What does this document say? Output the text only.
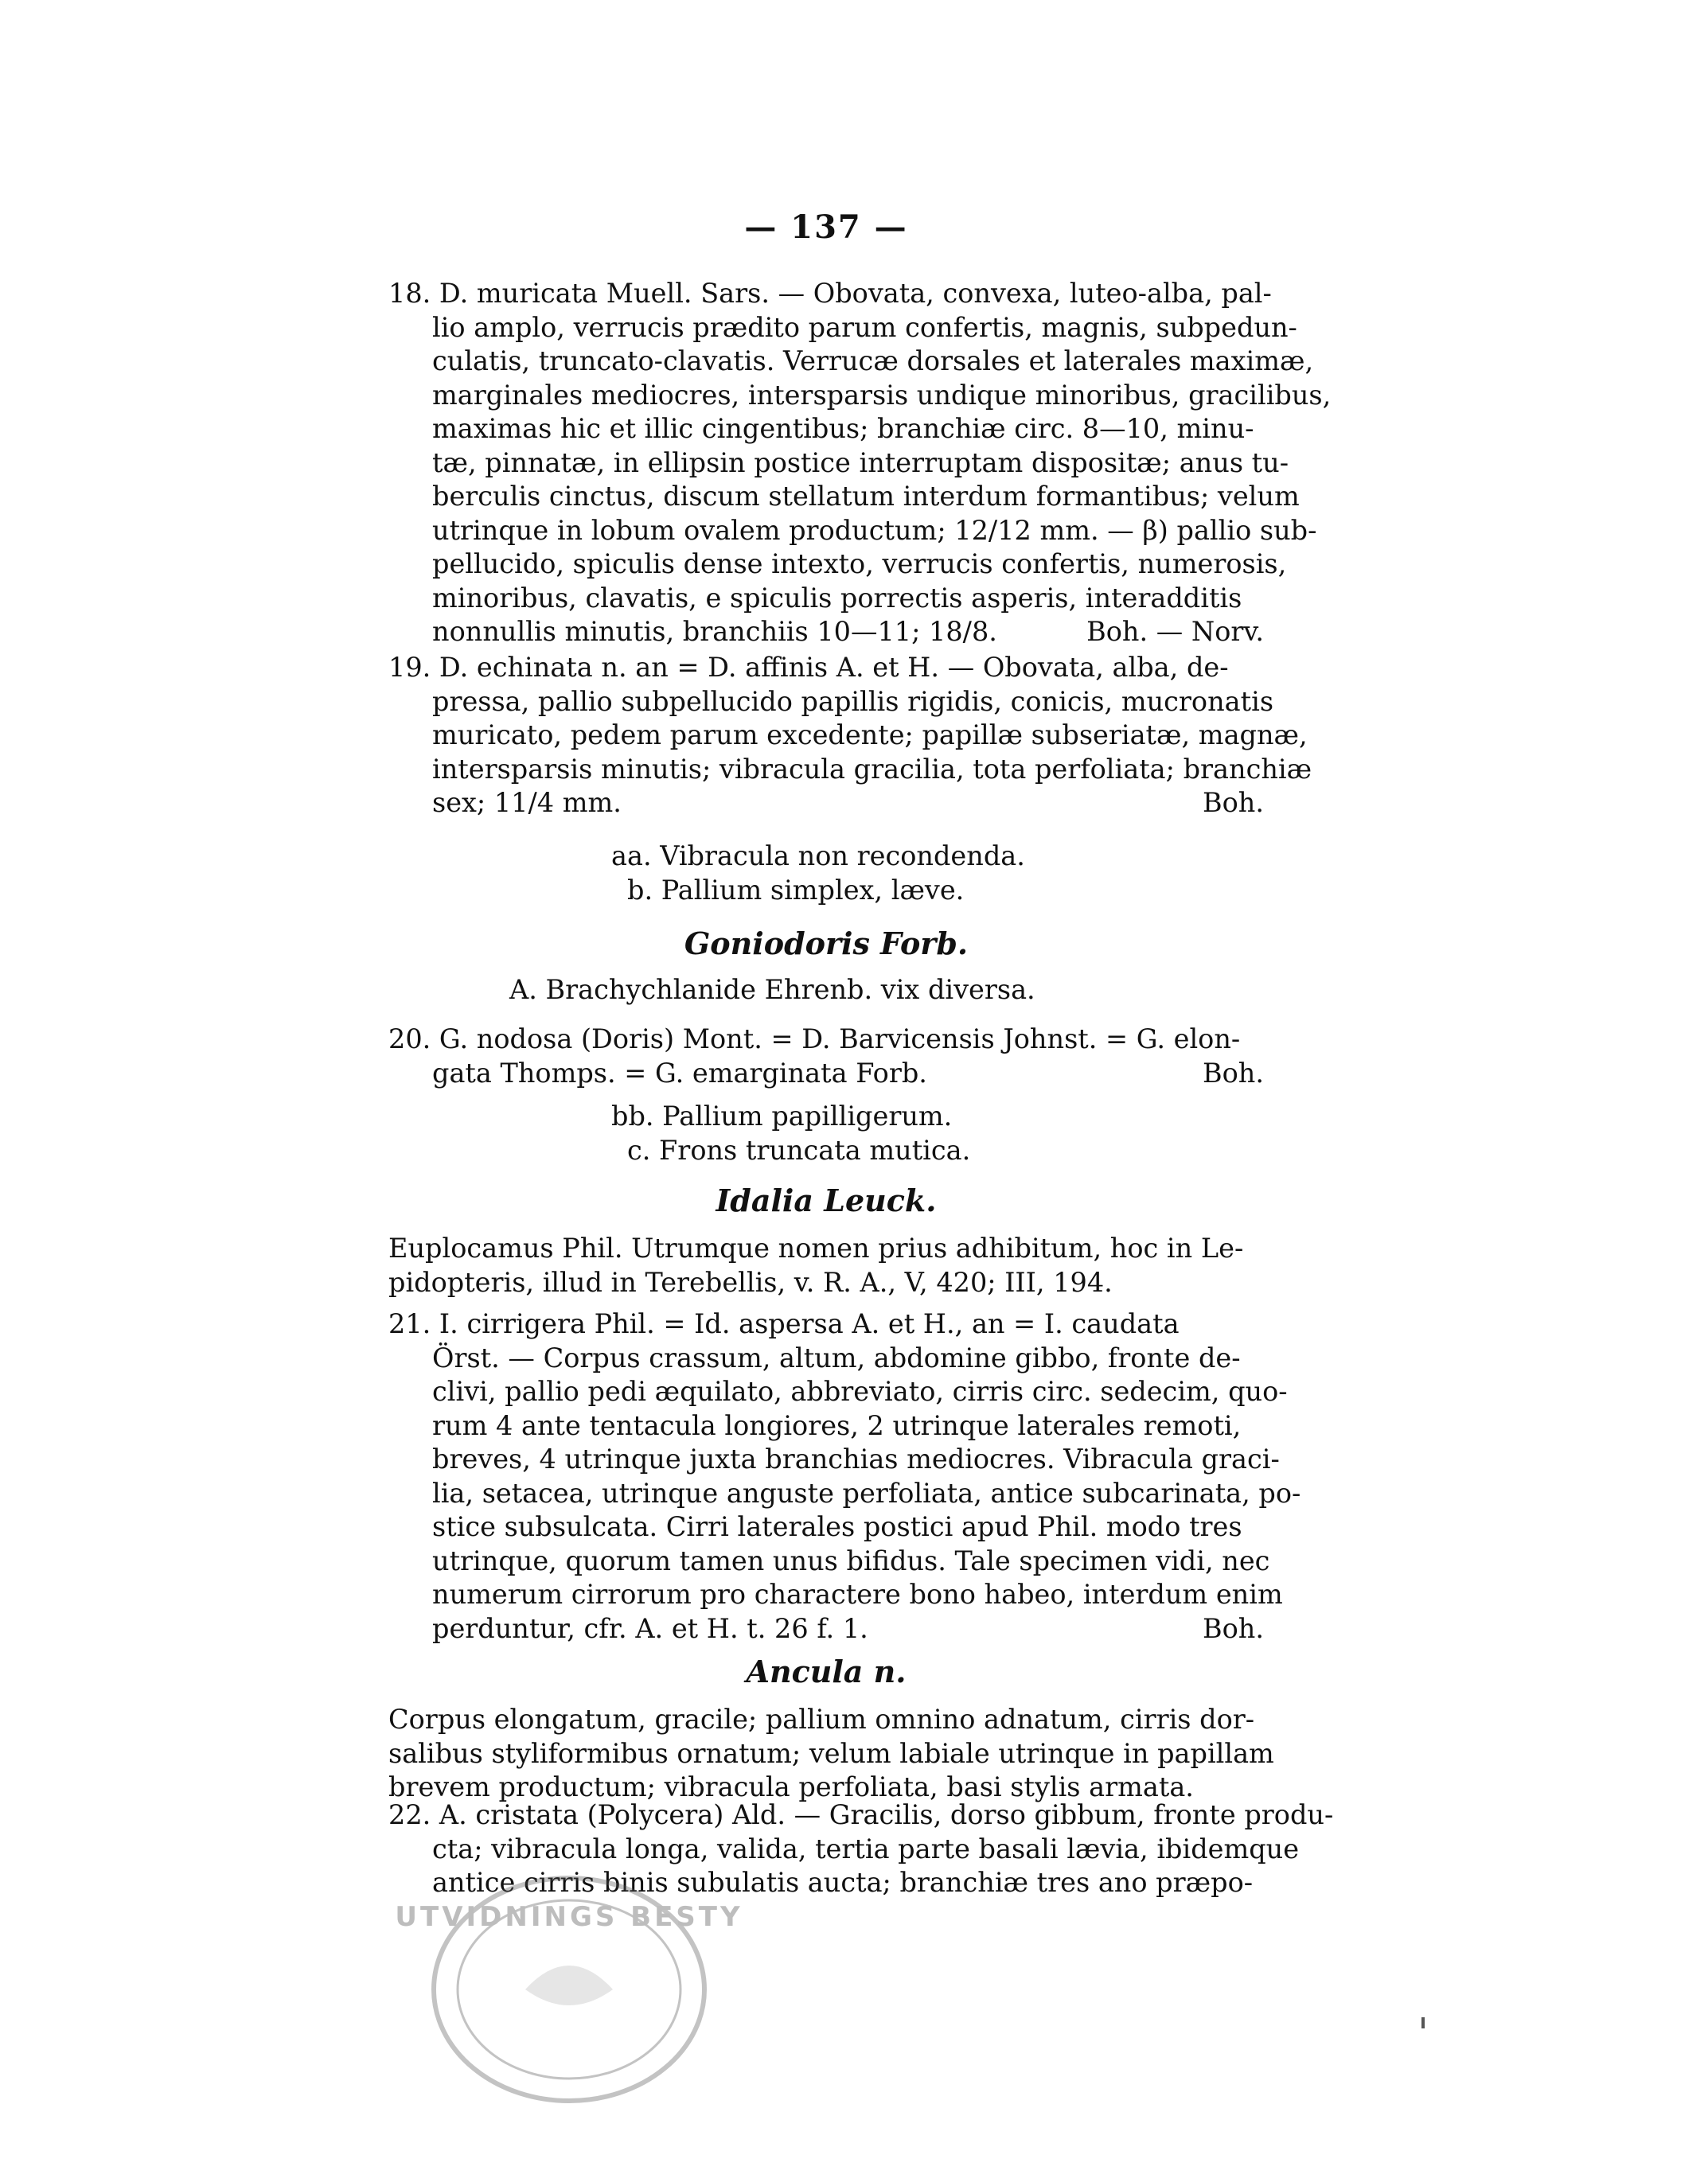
— 137 —
18. D. muricata Muell. Sars. — Obovata, convexa, luteo-alba, pal-
lio amplo, verrucis prædito parum confertis, magnis, subpedun-
culatis, truncato-clavatis. Verrucæ dorsales et laterales maximæ,
marginales mediocres, intersparsis undique minoribus, gracilibus,
maximas hic et illic cingentibus; branchiæ circ. 8—10, minu-
tæ, pinnatæ, in ellipsin postice interruptam dispositæ; anus tu-
berculis cinctus, discum stellatum interdum formantibus; velum
utrinque in lobum ovalem productum; 12/12 mm. — β) pallio sub-
pellucido, spiculis dense intexto, verrucis confertis, numerosis,
minoribus, clavatis, e spiculis porrectis asperis, interadditis
nonnullis minutis, branchiis 10—11; 18/8.	Boh. — Norv.
19. D. echinata n. an = D. affinis A. et H. — Obovata, alba, de-
pressa, pallio subpellucido papillis rigidis, conicis, mucronatis
muricato, pedem parum excedente; papillæ subseriatæ, magnæ,
intersparsis minutis; vibracula gracilia, tota perfoliata; branchiæ
sex; 11/4 mm.	Boh.
aa. Vibracula non recondenda.
b. Pallium simplex, læve.
Goniodoris Forb.
A. Brachychlanide Ehrenb. vix diversa.
20. G. nodosa (Doris) Mont. = D. Barvicensis Johnst. = G. elon-
gata Thomps. = G. emarginata Forb.	Boh.
bb. Pallium papilligerum.
c. Frons truncata mutica.
Idalia Leuck.
Euplocamus Phil. Utrumque nomen prius adhibitum, hoc in Le-
pidopteris, illud in Terebellis, v. R. A., V, 420; III, 194.
21. I. cirrigera Phil. = Id. aspersa A. et H., an = I. caudata
Örst. — Corpus crassum, altum, abdomine gibbo, fronte de-
clivi, pallio pedi æquilato, abbreviato, cirris circ. sedecim, quo-
rum 4 ante tentacula longiores, 2 utrinque laterales remoti,
breves, 4 utrinque juxta branchias mediocres. Vibracula graci-
lia, setacea, utrinque anguste perfoliata, antice subcarinata, po-
stice subsulcata. Cirri laterales postici apud Phil. modo tres
utrinque, quorum tamen unus bifidus. Tale specimen vidi, nec
numerum cirrorum pro charactere bono habeo, interdum enim
perduntur, cfr. A. et H. t. 26 f. 1.	Boh.
Ancula n.
Corpus elongatum, gracile; pallium omnino adnatum, cirris dor-
salibus styliformibus ornatum; velum labiale utrinque in papillam
brevem productum; vibracula perfoliata, basi stylis armata.
22. A. cristata (Polycera) Ald. — Gracilis, dorso gibbum, fronte produ-
cta; vibracula longa, valida, tertia parte basali lævia, ibidemque
antice cirris binis subulatis aucta; branchiæ tres ano præpo-
UTVIDNINGS BESTY
